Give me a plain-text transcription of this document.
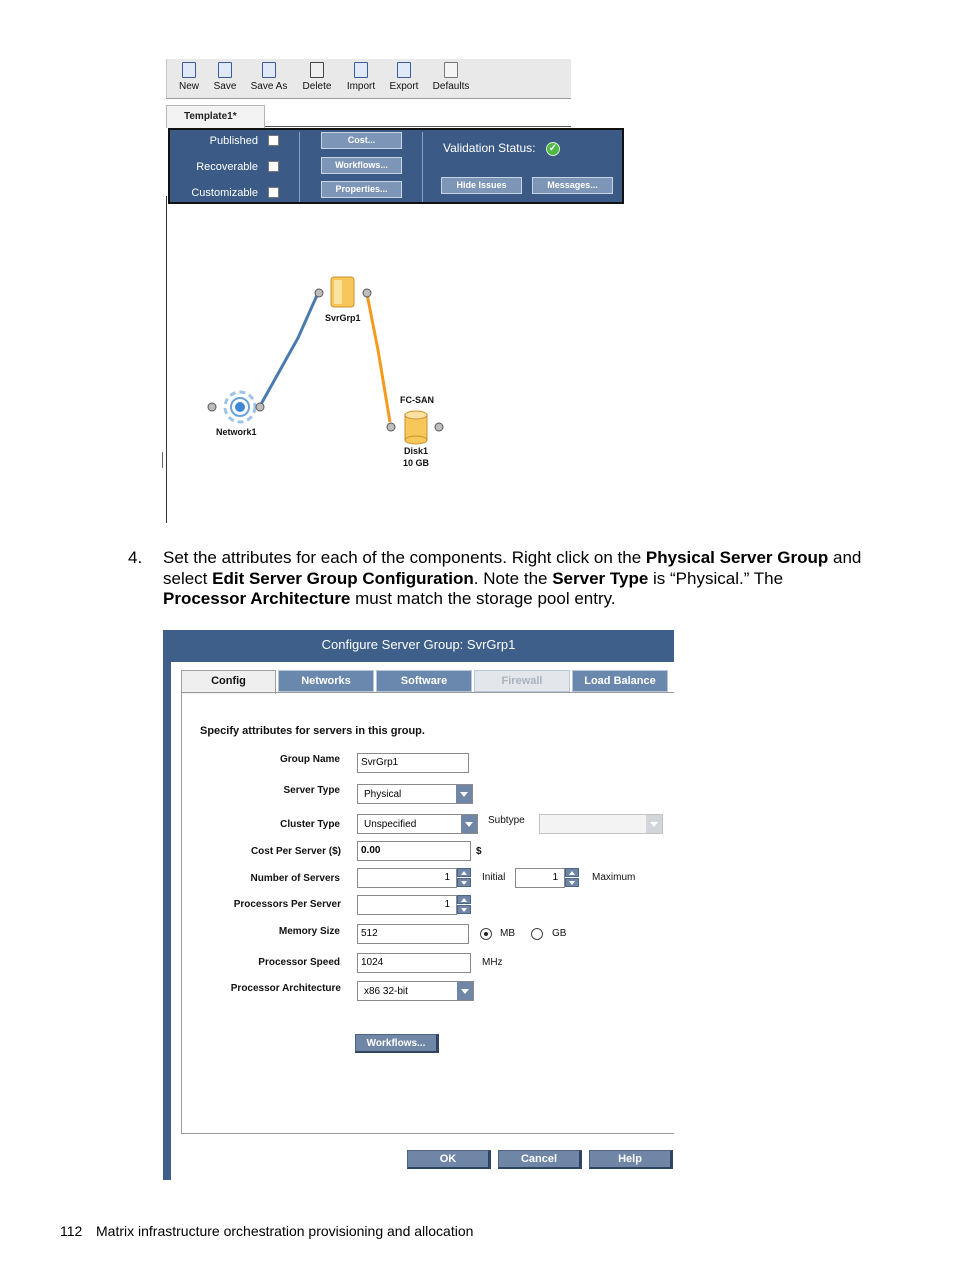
New Save Save As Delete Import Export Defaults
Template1*
Published
Recoverable
Customizable
Cost...
Workflows...
Properties...
Validation Status: ✓
Hide Issues	Messages...
SvrGrp1
Network1
FC-SAN
Disk1
10 GB
4. Set the attributes for each of the components. Right click on the Physical Server Group and select Edit Server Group Configuration. Note the Server Type is “Physical.” The Processor Architecture must match the storage pool entry.
Configure Server Group: SvrGrp1
Config	Networks	Software	Firewall	Load Balance
Specify attributes for servers in this group.
Group Name	SvrGrp1
Server Type	Physical
Cluster Type	Unspecified	Subtype
Cost Per Server ($)	0.00	$
Number of Servers	1	Initial	1	Maximum
Processors Per Server	1
Memory Size	512	MB	GB
Processor Speed	1024	MHz
Processor Architecture	x86 32-bit
Workflows...
OK	Cancel	Help
112 Matrix infrastructure orchestration provisioning and allocation
